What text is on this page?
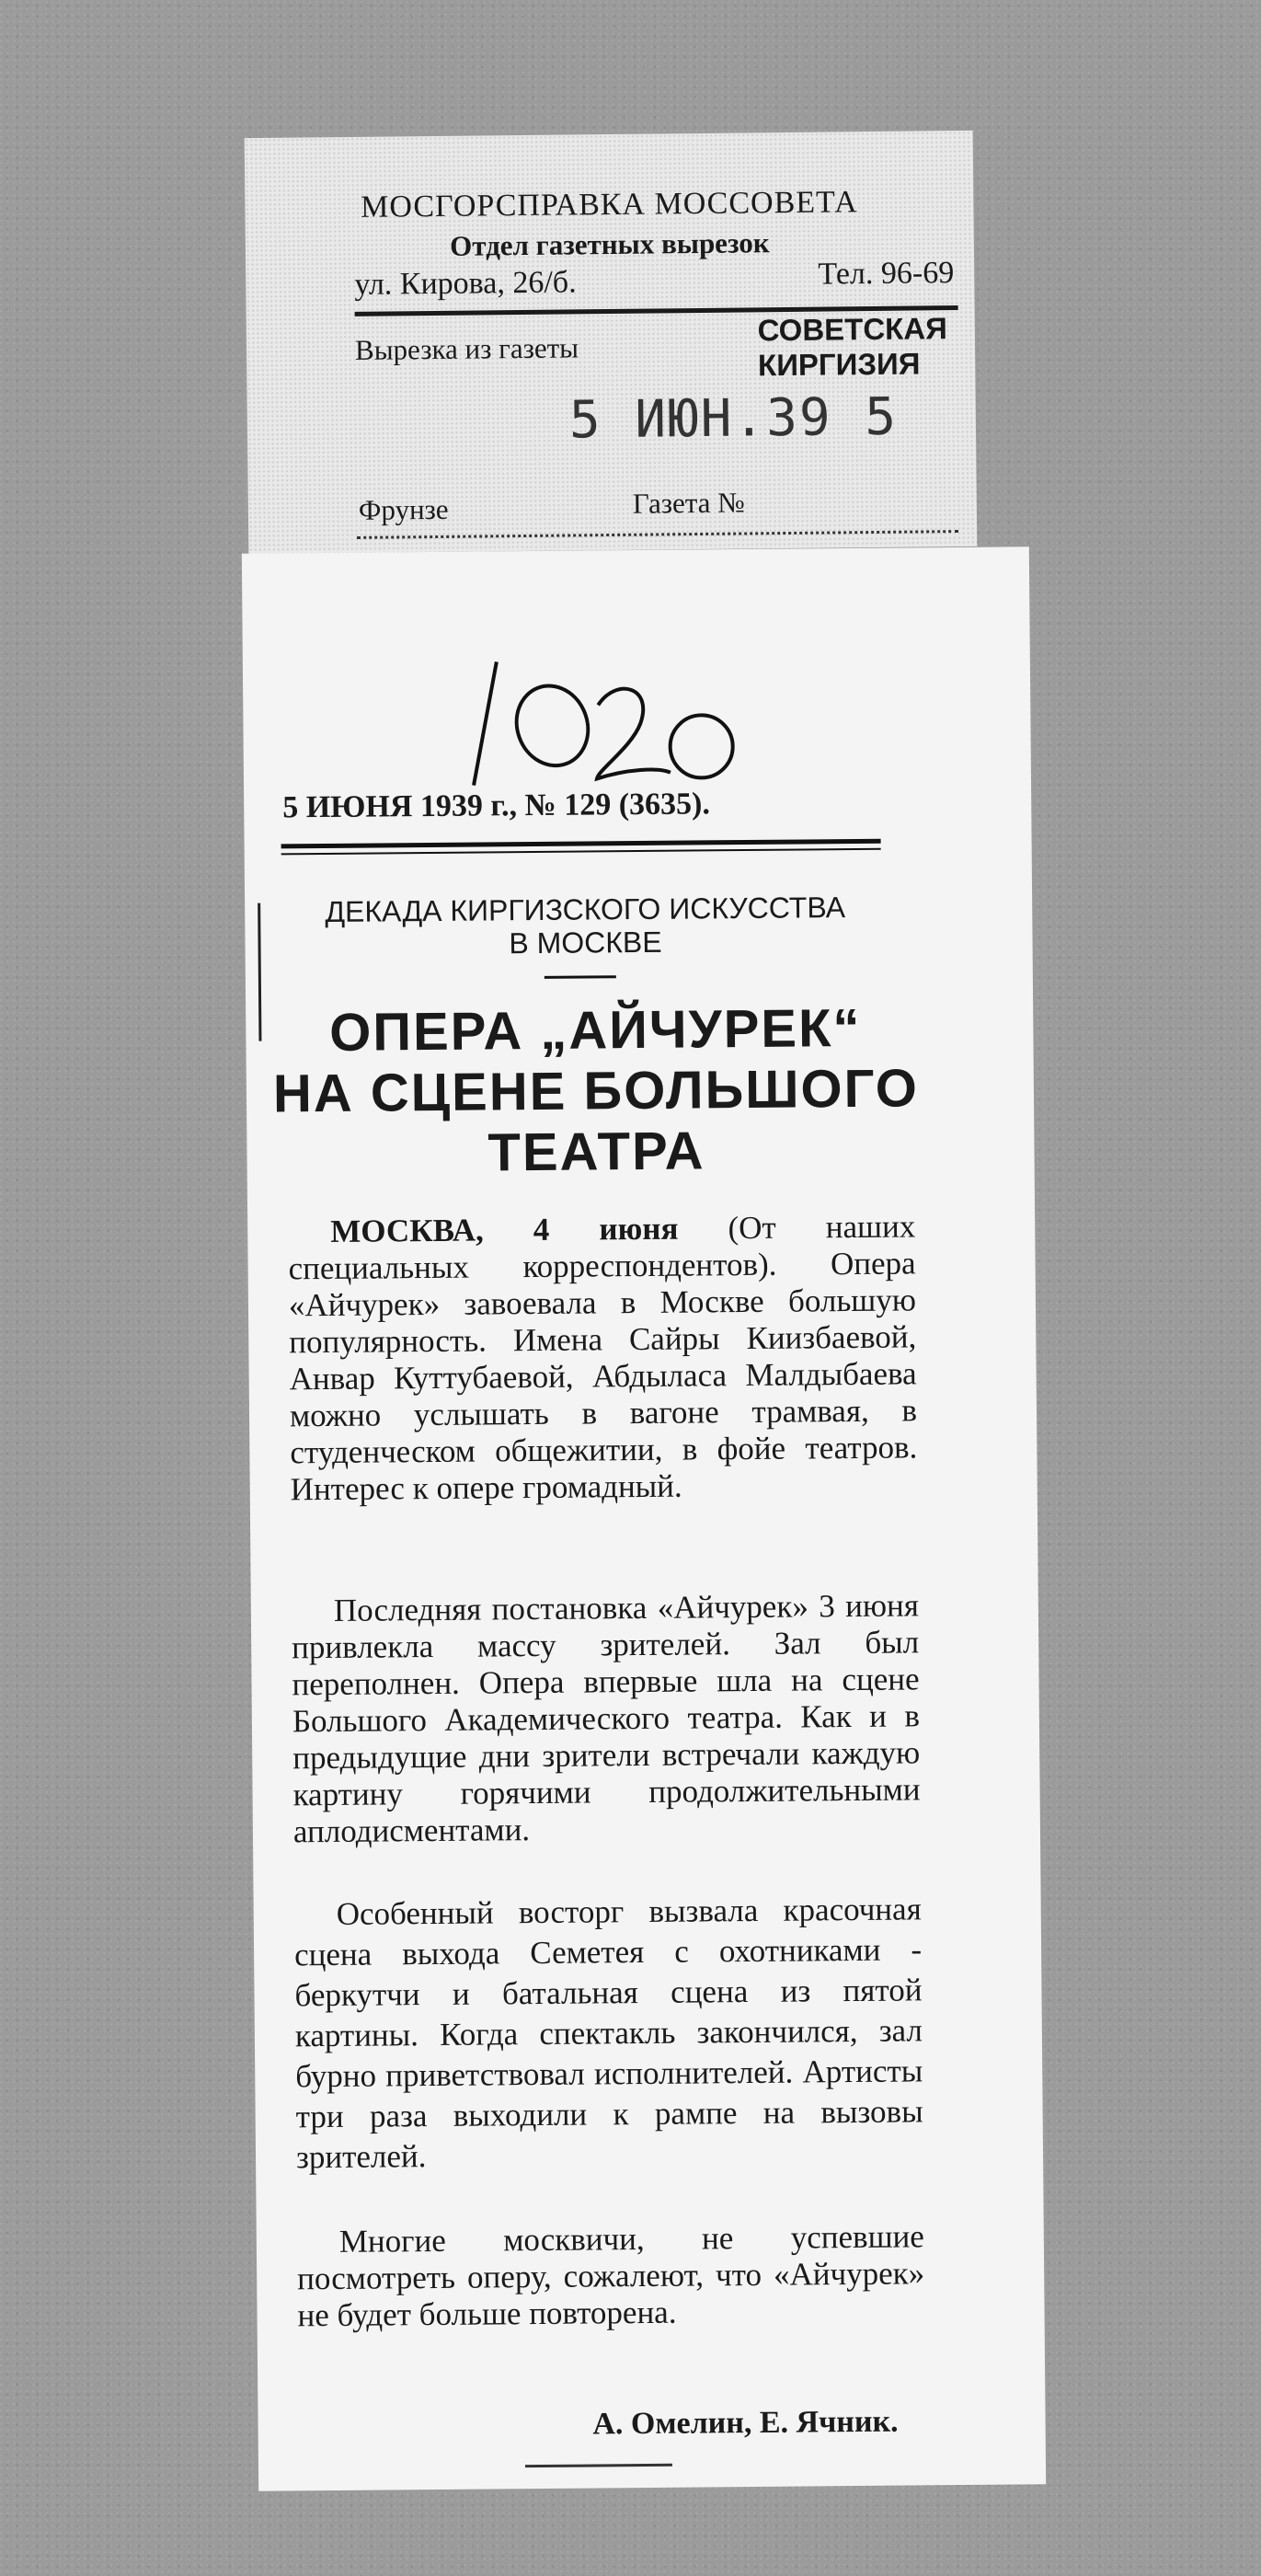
МОСГОРСПРАВКА МОССОВЕТА
Отдел газетных вырезок
ул. Кирова, 26/б.	Тел. 96-69
Вырезка из газеты
СОВЕТСКАЯ
КИРГИЗИЯ
5 ИЮН.39 5
Фрунзе	Газета №
5 ИЮНЯ 1939 г., № 129 (3635).
ДЕКАДА КИРГИЗСКОГО ИСКУССТВА
В МОСКВЕ
ОПЕРА „АЙЧУРЕК“
НА СЦЕНЕ БОЛЬШОГО
ТЕАТРА
МОСКВА, 4 июня (От наших специальных корреспондентов). Опера «Айчурек» завоевала в Москве большую популярность. Имена Сайры Киизбаевой, Анвар Куттубаевой, Абдыласа Малдыбаева можно услышать в вагоне трамвая, в студенческом общежитии, в фойе театров. Интерес к опере громадный.
Последняя постановка «Айчурек» 3 июня привлекла массу зрителей. Зал был переполнен. Опера впервые шла на сцене Большого Академического театра. Как и в предыдущие дни зрители встречали каждую картину горячими продолжительными аплодисментами.
Особенный восторг вызвала красочная сцена выхода Семетея с охотниками - беркутчи и батальная сцена из пятой картины. Когда спектакль закончился, зал бурно приветствовал исполнителей. Артисты три раза выходили к рампе на вызовы зрителей.
Многие москвичи, не успевшие посмотреть оперу, сожалеют, что «Айчурек» не будет больше повторена.
А. Омелин, Е. Ячник.
